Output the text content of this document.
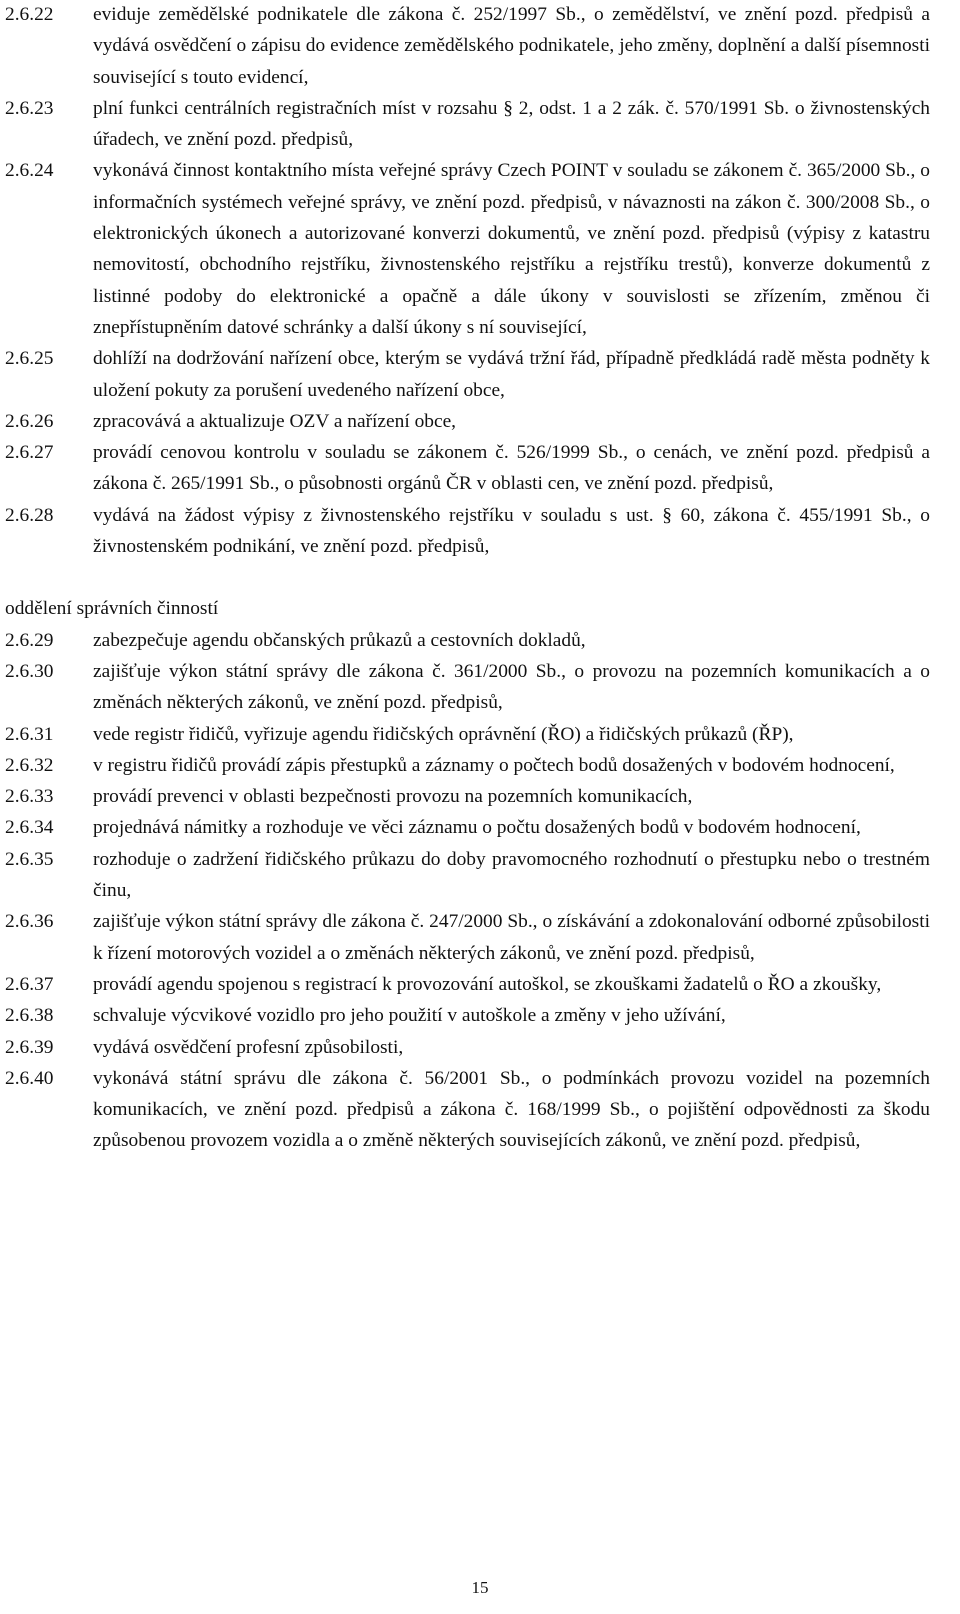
2.6.22	eviduje zemědělské podnikatele dle zákona č. 252/1997 Sb., o zemědělství, ve znění pozd. předpisů a vydává osvědčení o zápisu do evidence zemědělského podnikatele, jeho změny, doplnění a další písemnosti související s touto evidencí,
2.6.23	plní funkci centrálních registračních míst v rozsahu § 2, odst. 1 a 2 zák. č. 570/1991 Sb. o živnostenských úřadech, ve znění pozd. předpisů,
2.6.24	vykonává činnost kontaktního místa veřejné správy Czech POINT v souladu se zákonem č. 365/2000 Sb., o informačních systémech veřejné správy, ve znění pozd. předpisů, v návaznosti na zákon č. 300/2008 Sb., o elektronických úkonech a autorizované konverzi dokumentů, ve znění pozd. předpisů (výpisy z katastru nemovitostí, obchodního rejstříku, živnostenského rejstříku a rejstříku trestů), konverze dokumentů z listinné podoby do elektronické a opačně a dále úkony v souvislosti se zřízením, změnou či znepřístupněním datové schránky a další úkony s ní související,
2.6.25	dohlíží na dodržování nařízení obce, kterým se vydává tržní řád, případně předkládá radě města podněty k uložení pokuty za porušení uvedeného nařízení obce,
2.6.26	zpracovává a aktualizuje OZV a nařízení obce,
2.6.27	provádí cenovou kontrolu v souladu se zákonem č. 526/1999 Sb., o cenách, ve znění pozd. předpisů a zákona č. 265/1991 Sb., o působnosti orgánů ČR v oblasti cen, ve znění pozd. předpisů,
2.6.28	vydává na žádost výpisy z živnostenského rejstříku v souladu s ust. § 60, zákona č. 455/1991 Sb., o živnostenském podnikání, ve znění pozd. předpisů,
oddělení správních činností
2.6.29	zabezpečuje agendu občanských průkazů a cestovních dokladů,
2.6.30	zajišťuje výkon státní správy dle zákona č. 361/2000 Sb., o provozu na pozemních komunikacích a o změnách některých zákonů, ve znění pozd. předpisů,
2.6.31	vede registr řidičů, vyřizuje agendu řidičských oprávnění (ŘO) a řidičských průkazů (ŘP),
2.6.32	v registru řidičů provádí zápis přestupků a záznamy o počtech bodů dosažených v bodovém hodnocení,
2.6.33	provádí prevenci v oblasti bezpečnosti provozu na pozemních komunikacích,
2.6.34	projednává námitky a rozhoduje ve věci záznamu o počtu dosažených bodů v bodovém hodnocení,
2.6.35	rozhoduje o zadržení řidičského průkazu do doby pravomocného rozhodnutí o přestupku nebo o trestném činu,
2.6.36	zajišťuje výkon státní správy dle zákona č. 247/2000 Sb., o získávání a zdokonalování odborné způsobilosti k řízení motorových vozidel a o změnách některých zákonů, ve znění pozd. předpisů,
2.6.37	provádí agendu spojenou s registrací k provozování autoškol, se zkouškami žadatelů o ŘO a zkoušky,
2.6.38	schvaluje výcvikové vozidlo pro jeho použití v autoškole a změny v jeho užívání,
2.6.39	vydává osvědčení profesní způsobilosti,
2.6.40	vykonává státní správu dle zákona č. 56/2001 Sb., o podmínkách provozu vozidel na pozemních komunikacích, ve znění pozd. předpisů a zákona č. 168/1999 Sb., o pojištění odpovědnosti za škodu způsobenou provozem vozidla a o změně některých souvisejících zákonů, ve znění pozd. předpisů,
15
